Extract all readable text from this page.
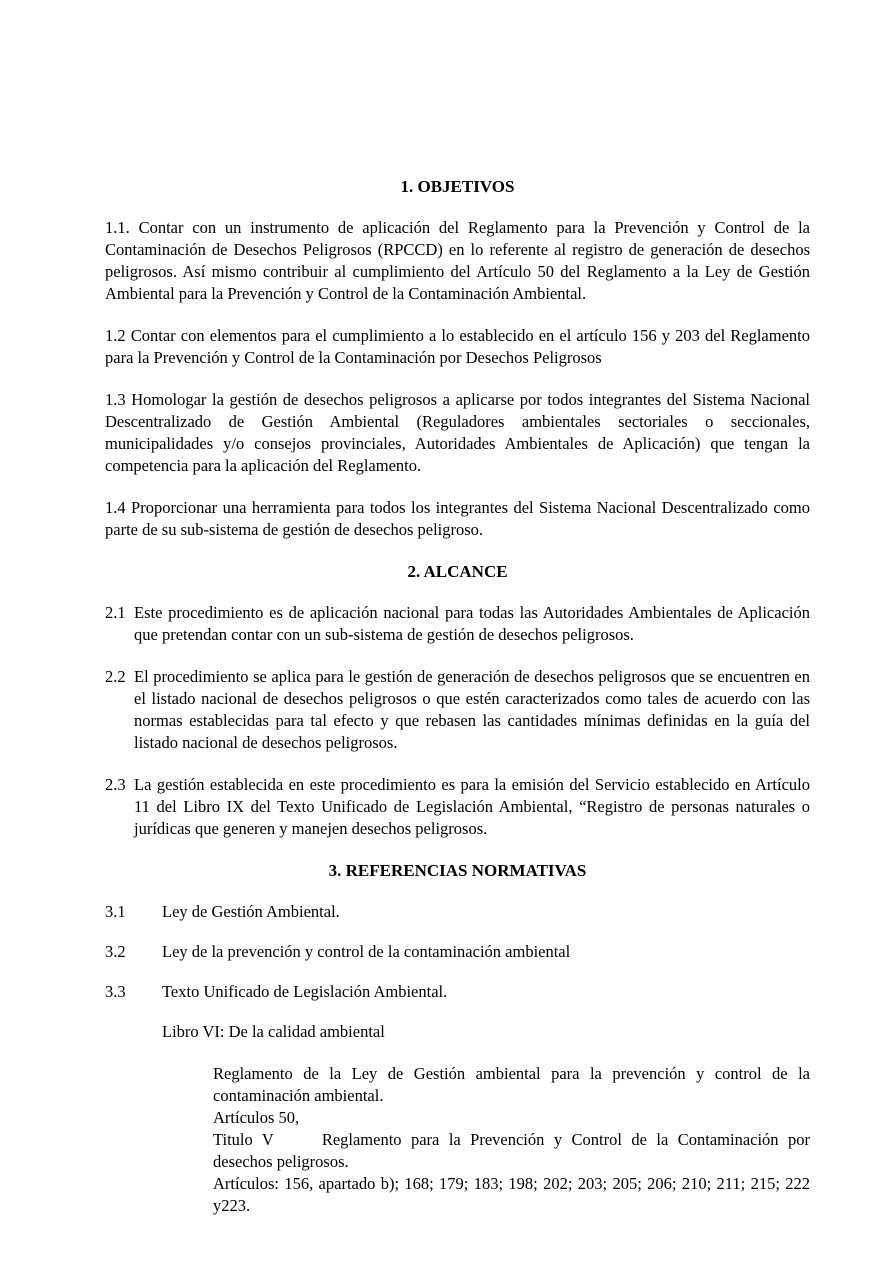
1. OBJETIVOS

1.1. Contar con un instrumento de aplicación del Reglamento para la Prevención y Control de la Contaminación de Desechos Peligrosos (RPCCD) en lo referente al registro de generación de desechos peligrosos. Así mismo contribuir al cumplimiento del Artículo 50 del Reglamento a la Ley de Gestión Ambiental para la Prevención y Control de la Contaminación Ambiental.

1.2 Contar con elementos para el cumplimiento a lo establecido en el artículo 156 y 203 del Reglamento para la Prevención y Control de la Contaminación por Desechos Peligrosos

1.3 Homologar la gestión de desechos peligrosos a aplicarse por todos integrantes del Sistema Nacional Descentralizado de Gestión Ambiental (Reguladores ambientales sectoriales o seccionales, municipalidades y/o consejos provinciales, Autoridades Ambientales de Aplicación) que tengan la competencia para la aplicación del Reglamento.

1.4 Proporcionar una herramienta para todos los integrantes del Sistema Nacional Descentralizado como parte de su sub-sistema de gestión de desechos peligroso.

2. ALCANCE

2.1 Este procedimiento es de aplicación nacional para todas las Autoridades Ambientales de Aplicación que pretendan contar con un sub-sistema de gestión de desechos peligrosos.
2.2 El procedimiento se aplica para le gestión de generación de desechos peligrosos que se encuentren en el listado nacional de desechos peligrosos o que estén caracterizados como tales de acuerdo con las normas establecidas para tal efecto y que rebasen las cantidades mínimas definidas en la guía del listado nacional de desechos peligrosos.
2.3 La gestión establecida en este procedimiento es para la emisión del Servicio establecido en Artículo 11 del Libro IX del Texto Unificado de Legislación Ambiental, “Registro de personas naturales o jurídicas que generen y manejen desechos peligrosos.

3. REFERENCIAS NORMATIVAS

3.1	Ley de Gestión Ambiental.
3.2	Ley de la prevención y control de la contaminación ambiental
3.3	Texto Unificado de Legislación Ambiental.

Libro VI: De la calidad ambiental

Reglamento de la Ley de Gestión ambiental para la prevención y control de la contaminación ambiental.

Artículos 50,

Titulo V	Reglamento para la Prevención y Control de la Contaminación por desechos peligrosos.

Artículos: 156, apartado b); 168; 179; 183; 198; 202; 203; 205; 206; 210; 211; 215; 222 y223.
